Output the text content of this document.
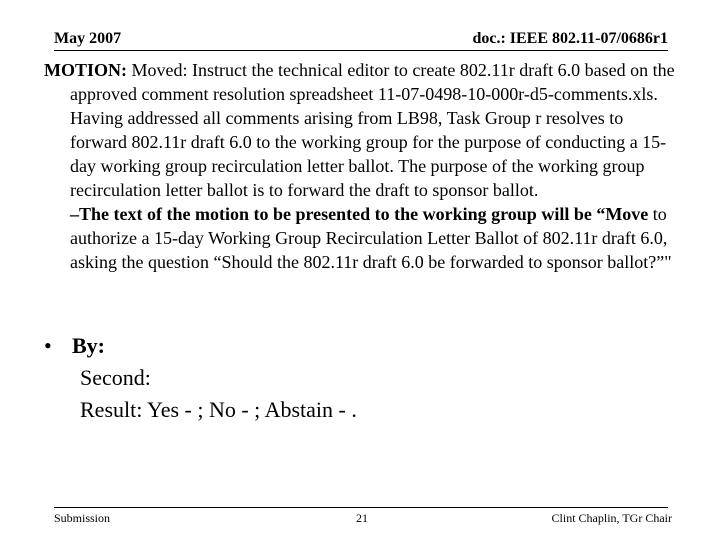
May 2007	doc.: IEEE 802.11-07/0686r1

MOTION: Moved: Instruct the technical editor to create 802.11r draft 6.0 based on the approved comment resolution spreadsheet 11-07-0498-10-000r-d5-comments.xls. Having addressed all comments arising from LB98, Task Group r resolves to forward 802.11r draft 6.0 to the working group for the purpose of conducting a 15-day working group recirculation letter ballot. The purpose of the working group recirculation letter ballot is to forward the draft to sponsor ballot.

–The text of the motion to be presented to the working group will be “Move to authorize a 15-day Working Group Recirculation Letter Ballot of 802.11r draft 6.0, asking the question “Should the 802.11r draft 6.0 be forwarded to sponsor ballot?”"

• By:
Second:
Result: Yes - ; No - ; Abstain - .
Submission	21	Clint Chaplin, TGr Chair
